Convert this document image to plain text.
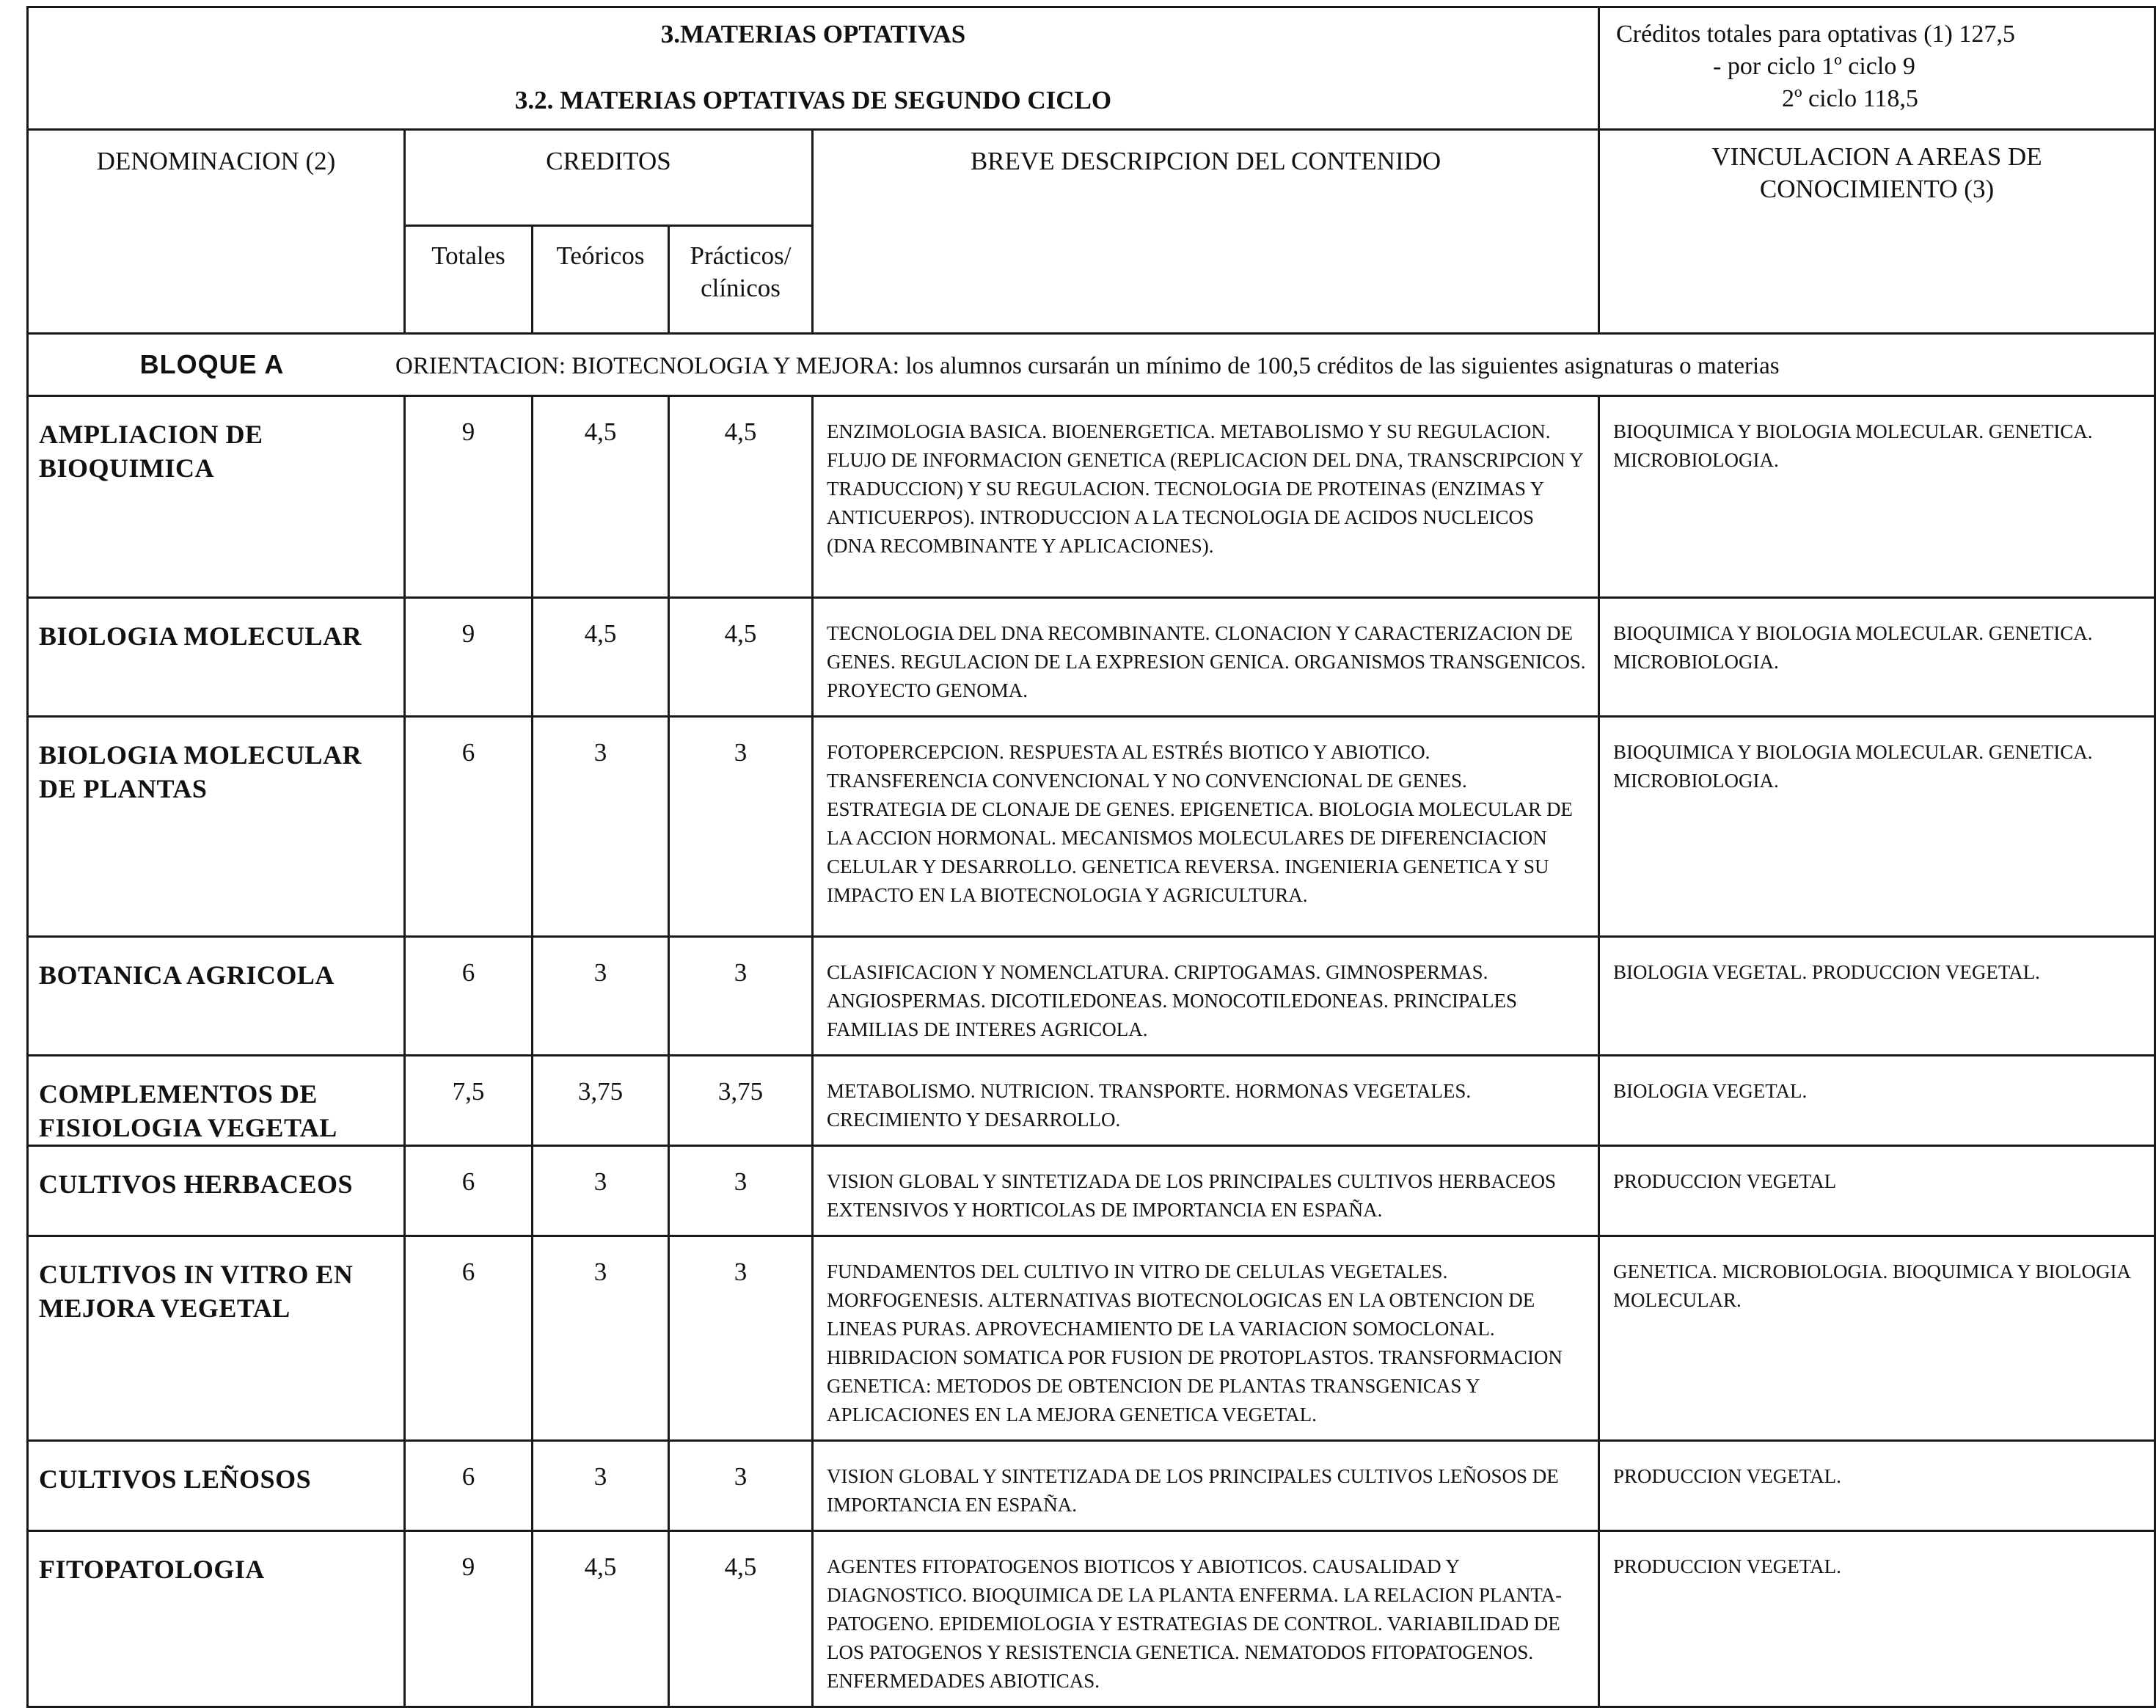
3.MATERIAS OPTATIVAS
3.2. MATERIAS OPTATIVAS DE SEGUNDO CICLO					Créditos totales para optativas (1) 127,5
- por ciclo 1º ciclo 9
2º ciclo 118,5

DENOMINACION (2)	CREDITOS			BREVE DESCRIPCION DEL CONTENIDO	VINCULACION A AREAS DE CONOCIMIENTO (3)
	Totales	Teóricos	Prácticos/ clínicos		
BLOQUE A ORIENTACION: BIOTECNOLOGIA Y MEJORA: los alumnos cursarán un mínimo de 100,5 créditos de las siguientes asignaturas o materias					
AMPLIACION DE BIOQUIMICA	9	4,5	4,5	ENZIMOLOGIA BASICA. BIOENERGETICA. METABOLISMO Y SU REGULACION. FLUJO DE INFORMACION GENETICA (REPLICACION DEL DNA, TRANSCRIPCION Y TRADUCCION) Y SU REGULACION. TECNOLOGIA DE PROTEINAS (ENZIMAS Y ANTICUERPOS). INTRODUCCION A LA TECNOLOGIA DE ACIDOS NUCLEICOS (DNA RECOMBINANTE Y APLICACIONES).	BIOQUIMICA Y BIOLOGIA MOLECULAR. GENETICA. MICROBIOLOGIA.
BIOLOGIA MOLECULAR	9	4,5	4,5	TECNOLOGIA DEL DNA RECOMBINANTE. CLONACION Y CARACTERIZACION DE GENES. REGULACION DE LA EXPRESION GENICA. ORGANISMOS TRANSGENICOS. PROYECTO GENOMA.	BIOQUIMICA Y BIOLOGIA MOLECULAR. GENETICA. MICROBIOLOGIA.
BIOLOGIA MOLECULAR DE PLANTAS	6	3	3	FOTOPERCEPCION. RESPUESTA AL ESTRÉS BIOTICO Y ABIOTICO. TRANSFERENCIA CONVENCIONAL Y NO CONVENCIONAL DE GENES. ESTRATEGIA DE CLONAJE DE GENES. EPIGENETICA. BIOLOGIA MOLECULAR DE LA ACCION HORMONAL. MECANISMOS MOLECULARES DE DIFERENCIACION CELULAR Y DESARROLLO. GENETICA REVERSA. INGENIERIA GENETICA Y SU IMPACTO EN LA BIOTECNOLOGIA Y AGRICULTURA.	BIOQUIMICA Y BIOLOGIA MOLECULAR. GENETICA. MICROBIOLOGIA.
BOTANICA AGRICOLA	6	3	3	CLASIFICACION Y NOMENCLATURA. CRIPTOGAMAS. GIMNOSPERMAS. ANGIOSPERMAS. DICOTILEDONEAS. MONOCOTILEDONEAS. PRINCIPALES FAMILIAS DE INTERES AGRICOLA.	BIOLOGIA VEGETAL. PRODUCCION VEGETAL.
COMPLEMENTOS DE FISIOLOGIA VEGETAL	7,5	3,75	3,75	METABOLISMO. NUTRICION. TRANSPORTE. HORMONAS VEGETALES. CRECIMIENTO Y DESARROLLO.	BIOLOGIA VEGETAL.
CULTIVOS HERBACEOS	6	3	3	VISION GLOBAL Y SINTETIZADA DE LOS PRINCIPALES CULTIVOS HERBACEOS EXTENSIVOS Y HORTICOLAS DE IMPORTANCIA EN ESPAÑA.	PRODUCCION VEGETAL
CULTIVOS IN VITRO EN MEJORA VEGETAL	6	3	3	FUNDAMENTOS DEL CULTIVO IN VITRO DE CELULAS VEGETALES. MORFOGENESIS. ALTERNATIVAS BIOTECNOLOGICAS EN LA OBTENCION DE LINEAS PURAS. APROVECHAMIENTO DE LA VARIACION SOMOCLONAL. HIBRIDACION SOMATICA POR FUSION DE PROTOPLASTOS. TRANSFORMACION GENETICA: METODOS DE OBTENCION DE PLANTAS TRANSGENICAS Y APLICACIONES EN LA MEJORA GENETICA VEGETAL.	GENETICA. MICROBIOLOGIA. BIOQUIMICA Y BIOLOGIA MOLECULAR.
CULTIVOS LEÑOSOS	6	3	3	VISION GLOBAL Y SINTETIZADA DE LOS PRINCIPALES CULTIVOS LEÑOSOS DE IMPORTANCIA EN ESPAÑA.	PRODUCCION VEGETAL.
FITOPATOLOGIA	9	4,5	4,5	AGENTES FITOPATOGENOS BIOTICOS Y ABIOTICOS. CAUSALIDAD Y DIAGNOSTICO. BIOQUIMICA DE LA PLANTA ENFERMA. LA RELACION PLANTA-PATOGENO. EPIDEMIOLOGIA Y ESTRATEGIAS DE CONTROL. VARIABILIDAD DE LOS PATOGENOS Y RESISTENCIA GENETICA. NEMATODOS FITOPATOGENOS. ENFERMEDADES ABIOTICAS.	PRODUCCION VEGETAL.
